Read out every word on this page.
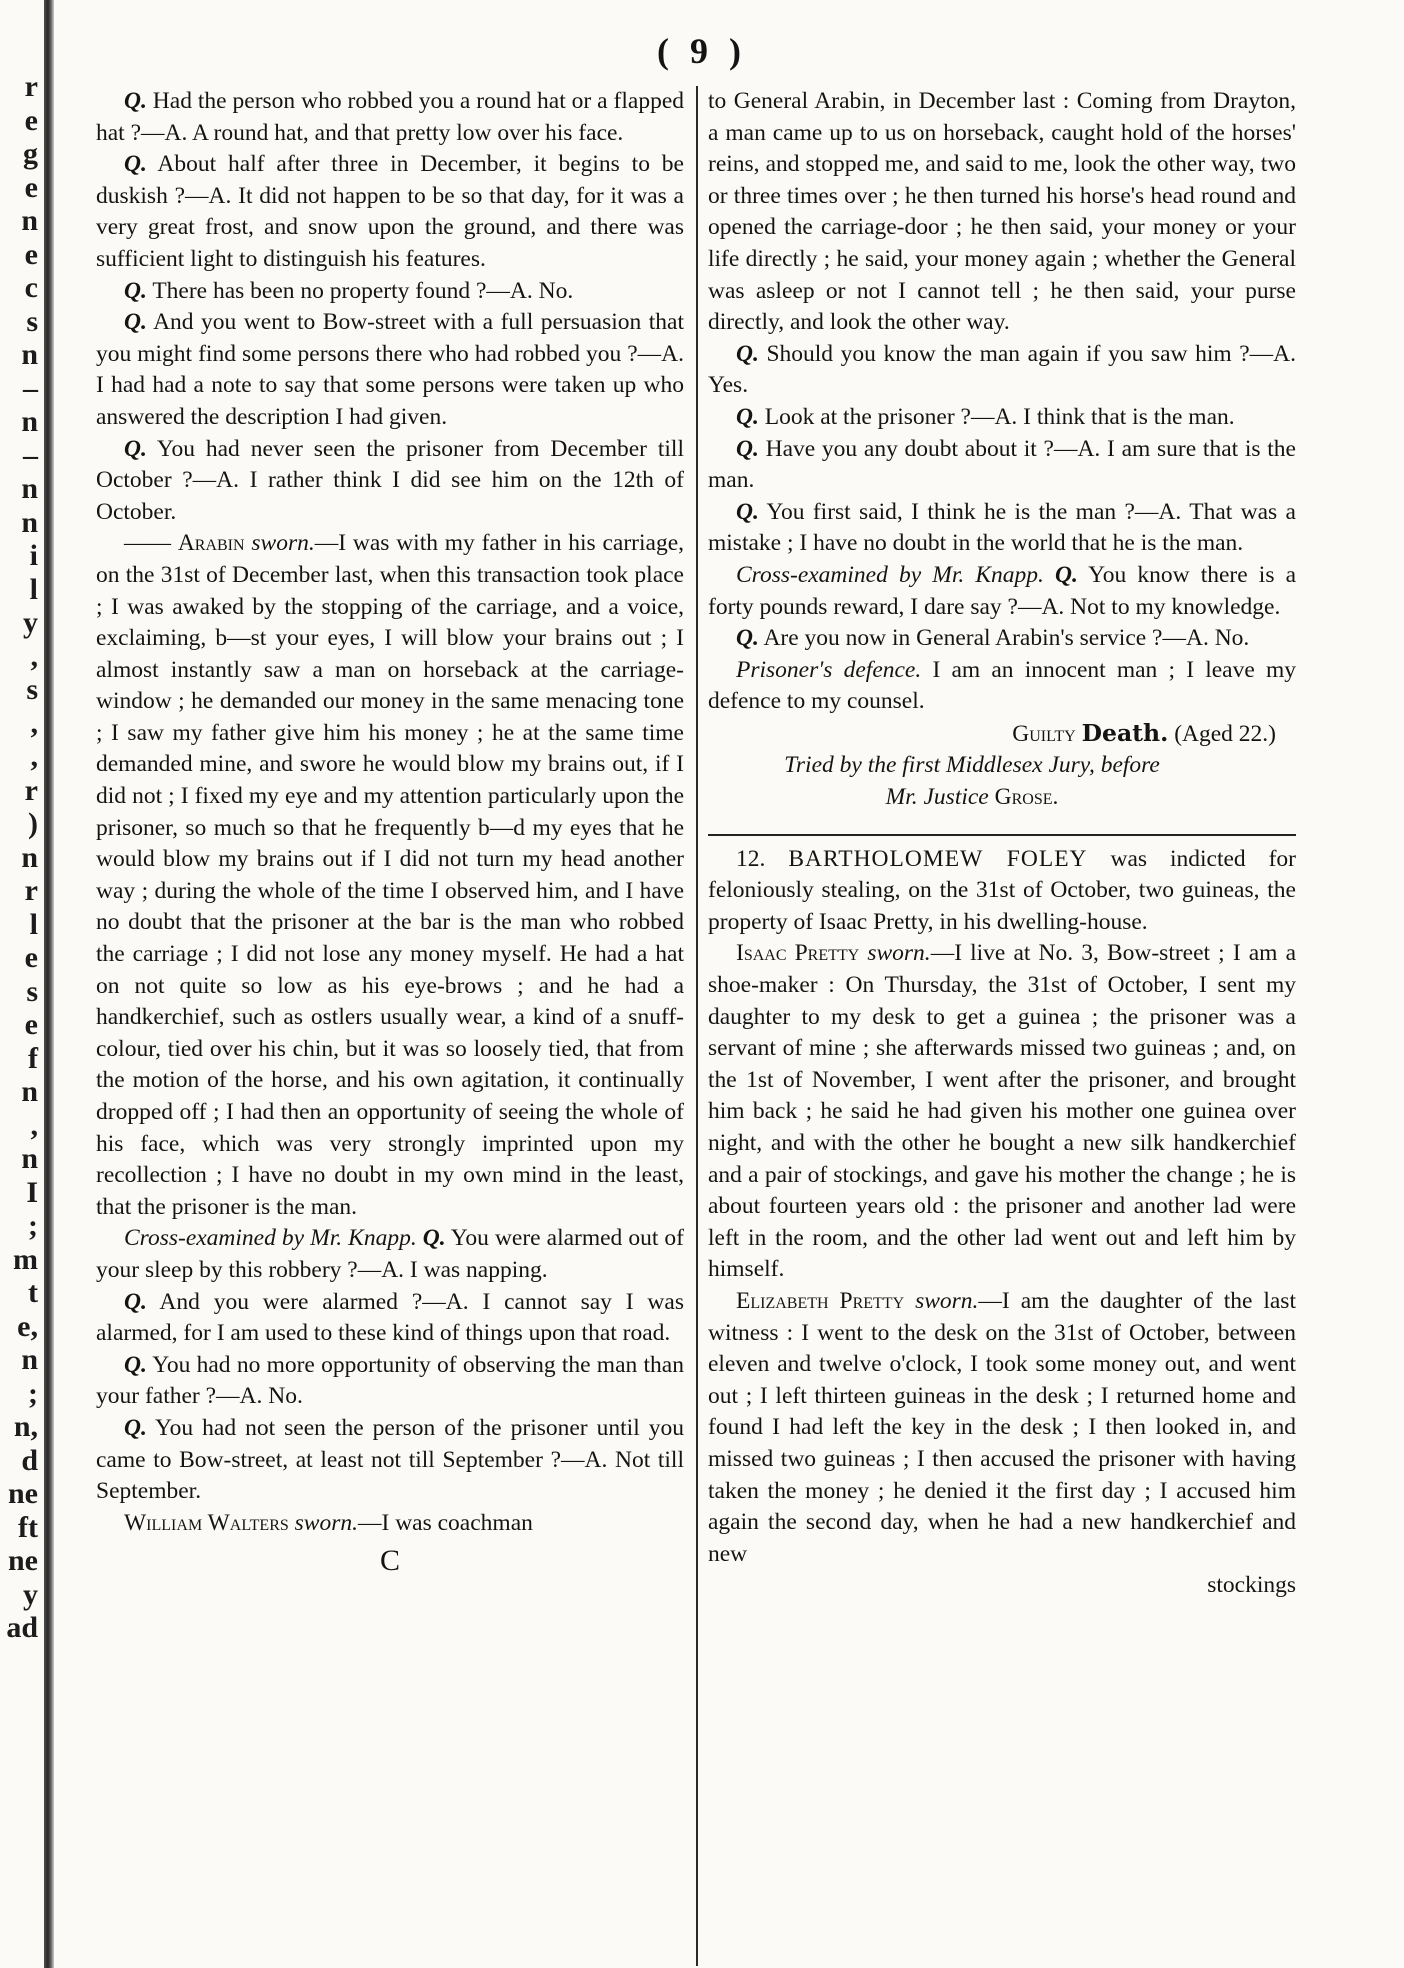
r
e
g
e
n
e
c
s
n
–
n
–
n
n
i
l
y
,
s
,
,
r
)
n
r
l
e
s
e
f
n
,
n
I
;
m
t
e,
n
;
n,
d
ne
ft
ne
y
ad
( 9 )

Q. Had the person who robbed you a round hat or a flapped hat ?—A. A round hat, and that pretty low over his face.

Q. About half after three in December, it begins to be duskish ?—A. It did not happen to be so that day, for it was a very great frost, and snow upon the ground, and there was sufficient light to distinguish his features.

Q. There has been no property found ?—A. No.

Q. And you went to Bow-street with a full persuasion that you might find some persons there who had robbed you ?—A. I had had a note to say that some persons were taken up who answered the description I had given.

Q. You had never seen the prisoner from December till October ?—A. I rather think I did see him on the 12th of October.

—— Arabin sworn.—I was with my father in his carriage, on the 31st of December last, when this transaction took place ; I was awaked by the stopping of the carriage, and a voice, exclaiming, b—st your eyes, I will blow your brains out ; I almost instantly saw a man on horseback at the carriage-window ; he demanded our money in the same menacing tone ; I saw my father give him his money ; he at the same time demanded mine, and swore he would blow my brains out, if I did not ; I fixed my eye and my attention particularly upon the prisoner, so much so that he frequently b—d my eyes that he would blow my brains out if I did not turn my head another way ; during the whole of the time I observed him, and I have no doubt that the prisoner at the bar is the man who robbed the carriage ; I did not lose any money myself. He had a hat on not quite so low as his eye-brows ; and he had a handkerchief, such as ostlers usually wear, a kind of a snuff-colour, tied over his chin, but it was so loosely tied, that from the motion of the horse, and his own agitation, it continually dropped off ; I had then an opportunity of seeing the whole of his face, which was very strongly imprinted upon my recollection ; I have no doubt in my own mind in the least, that the prisoner is the man.

Cross-examined by Mr. Knapp. Q. You were alarmed out of your sleep by this robbery ?—A. I was napping.

Q. And you were alarmed ?—A. I cannot say I was alarmed, for I am used to these kind of things upon that road.

Q. You had no more opportunity of observing the man than your father ?—A. No.

Q. You had not seen the person of the prisoner until you came to Bow-street, at least not till September ?—A. Not till September.

William Walters sworn.—I was coachman

C

to General Arabin, in December last : Coming from Drayton, a man came up to us on horseback, caught hold of the horses' reins, and stopped me, and said to me, look the other way, two or three times over ; he then turned his horse's head round and opened the carriage-door ; he then said, your money or your life directly ; he said, your money again ; whether the General was asleep or not I cannot tell ; he then said, your purse directly, and look the other way.

Q. Should you know the man again if you saw him ?—A. Yes.

Q. Look at the prisoner ?—A. I think that is the man.

Q. Have you any doubt about it ?—A. I am sure that is the man.

Q. You first said, I think he is the man ?—A. That was a mistake ; I have no doubt in the world that he is the man.

Cross-examined by Mr. Knapp. Q. You know there is a forty pounds reward, I dare say ?—A. Not to my knowledge.

Q. Are you now in General Arabin's service ?—A. No.

Prisoner's defence. I am an innocent man ; I leave my defence to my counsel.

Guilty Death. (Aged 22.)

Tried by the first Middlesex Jury, before

Mr. Justice Grose.

12. BARTHOLOMEW FOLEY was indicted for feloniously stealing, on the 31st of October, two guineas, the property of Isaac Pretty, in his dwelling-house.

Isaac Pretty sworn.—I live at No. 3, Bow-street ; I am a shoe-maker : On Thursday, the 31st of October, I sent my daughter to my desk to get a guinea ; the prisoner was a servant of mine ; she afterwards missed two guineas ; and, on the 1st of November, I went after the prisoner, and brought him back ; he said he had given his mother one guinea over night, and with the other he bought a new silk handkerchief and a pair of stockings, and gave his mother the change ; he is about fourteen years old : the prisoner and another lad were left in the room, and the other lad went out and left him by himself.

Elizabeth Pretty sworn.—I am the daughter of the last witness : I went to the desk on the 31st of October, between eleven and twelve o'clock, I took some money out, and went out ; I left thirteen guineas in the desk ; I returned home and found I had left the key in the desk ; I then looked in, and missed two guineas ; I then accused the prisoner with having taken the money ; he denied it the first day ; I accused him again the second day, when he had a new handkerchief and new

stockings
